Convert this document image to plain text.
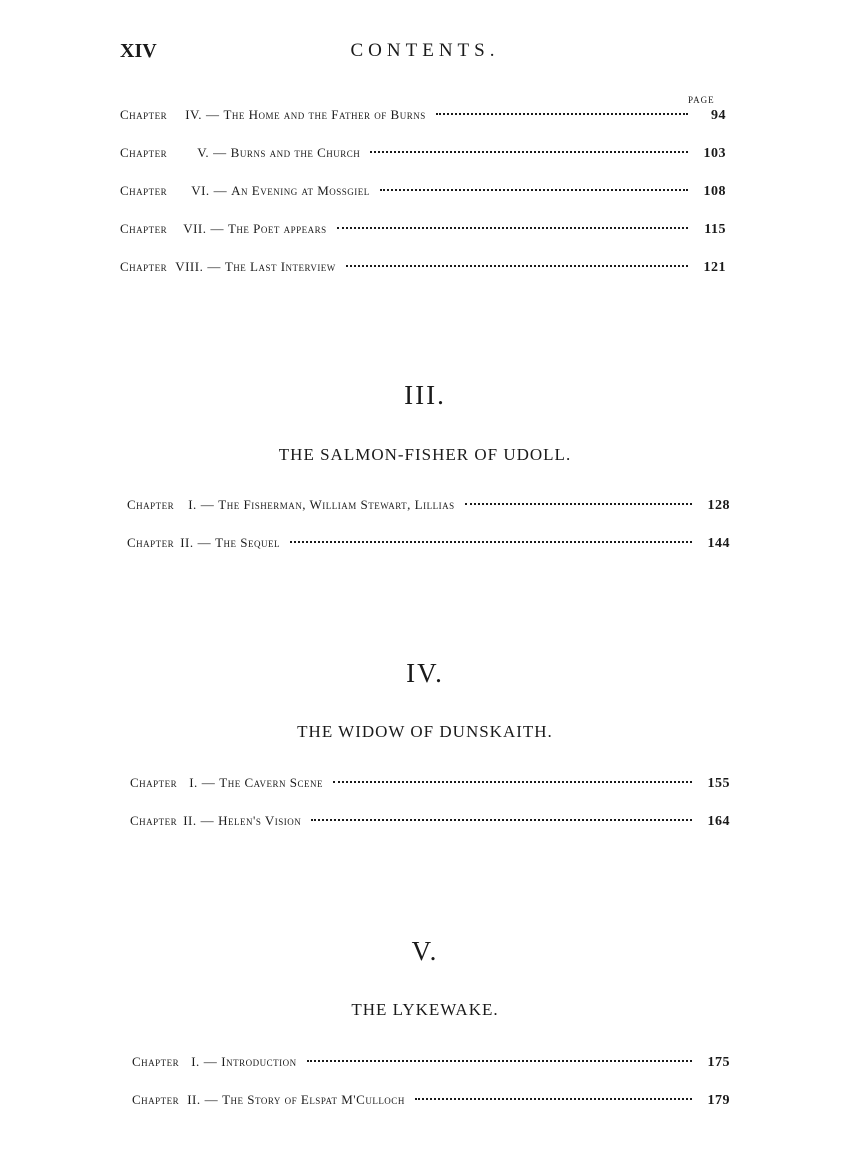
XIV	CONTENTS.
PAGE
Chapter IV. — The Home and the Father of Burns	94
Chapter V. — Burns and the Church	103
Chapter VI. — An Evening at Mossgiel	108
Chapter VII. — The Poet appears	115
Chapter VIII. — The Last Interview	121
III.
THE SALMON-FISHER OF UDOLL.
Chapter I. — The Fisherman, William Stewart, Lillias	128
Chapter II. — The Sequel	144
IV.
THE WIDOW OF DUNSKAITH.
Chapter I. — The Cavern Scene	155
Chapter II. — Helen's Vision	164
V.
THE LYKEWAKE.
Chapter I. — Introduction	175
Chapter II. — The Story of Elspat M'Culloch	179
